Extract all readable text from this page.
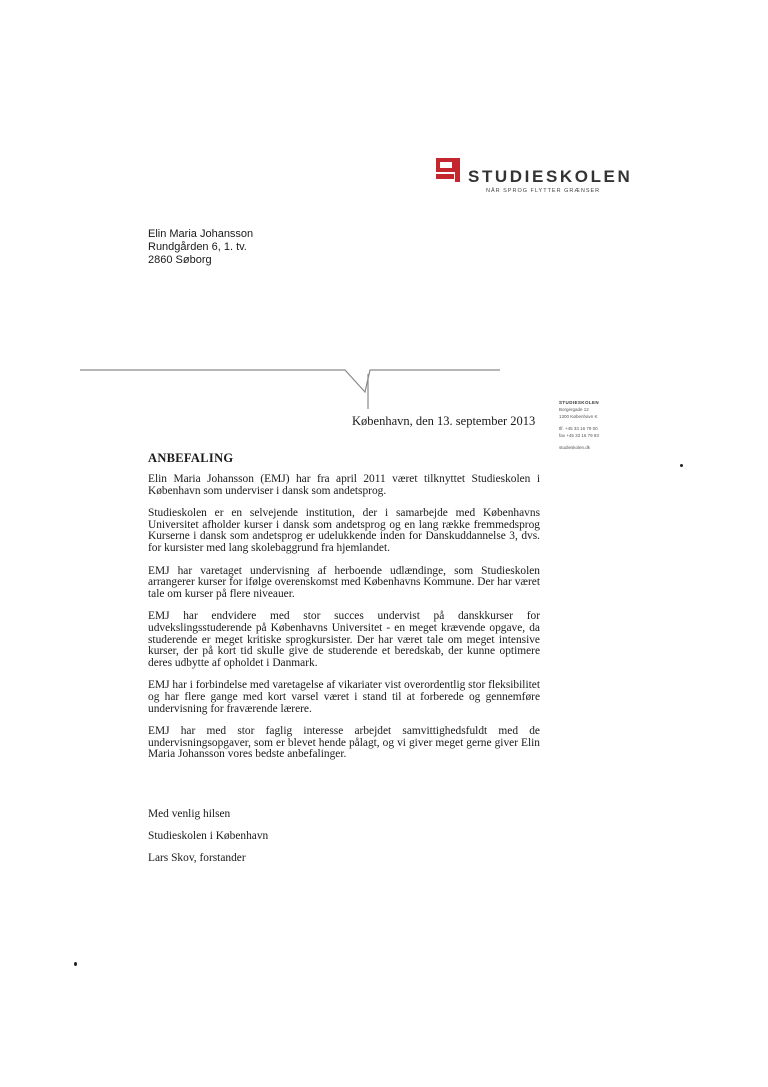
STUDIESKOLEN
NÅR SPROG FLYTTER GRÆNSER
Elin Maria Johansson
Rundgården 6, 1. tv.
2860 Søborg
STUDIESKOLEN
Borgergade 12
1300 København K
tlf. +45 33 16 79 00
fax +45 33 16 79 93
studieskolen.dk
København, den 13. september 2013
ANBEFALING

Elin Maria Johansson (EMJ) har fra april 2011 været tilknyttet Studieskolen i København som underviser i dansk som andetsprog.

Studieskolen er en selvejende institution, der i samarbejde med Københavns Universitet afholder kurser i dansk som andetsprog og en lang række fremmedsprog Kurserne i dansk som andetsprog er udelukkende inden for Danskuddannelse 3, dvs. for kursister med lang skolebaggrund fra hjemlandet.

EMJ har varetaget undervisning af herboende udlændinge, som Studieskolen arrangerer kurser for ifølge overenskomst med Københavns Kommune. Der har været tale om kurser på flere niveauer.

EMJ har endvidere med stor succes undervist på danskkurser for udvekslingsstuderende på Københavns Universitet - en meget krævende opgave, da studerende er meget kritiske sprogkursister. Der har været tale om meget intensive kurser, der på kort tid skulle give de studerende et beredskab, der kunne optimere deres udbytte af opholdet i Danmark.

EMJ har i forbindelse med varetagelse af vikariater vist overordentlig stor fleksibilitet og har flere gange med kort varsel været i stand til at forberede og gennemføre undervisning for fraværende lærere.

EMJ har med stor faglig interesse arbejdet samvittighedsfuldt med de undervisningsopgaver, som er blevet hende pålagt, og vi giver meget gerne giver Elin Maria Johansson vores bedste anbefalinger.

Med venlig hilsen
Studieskolen i København
Lars Skov, forstander
